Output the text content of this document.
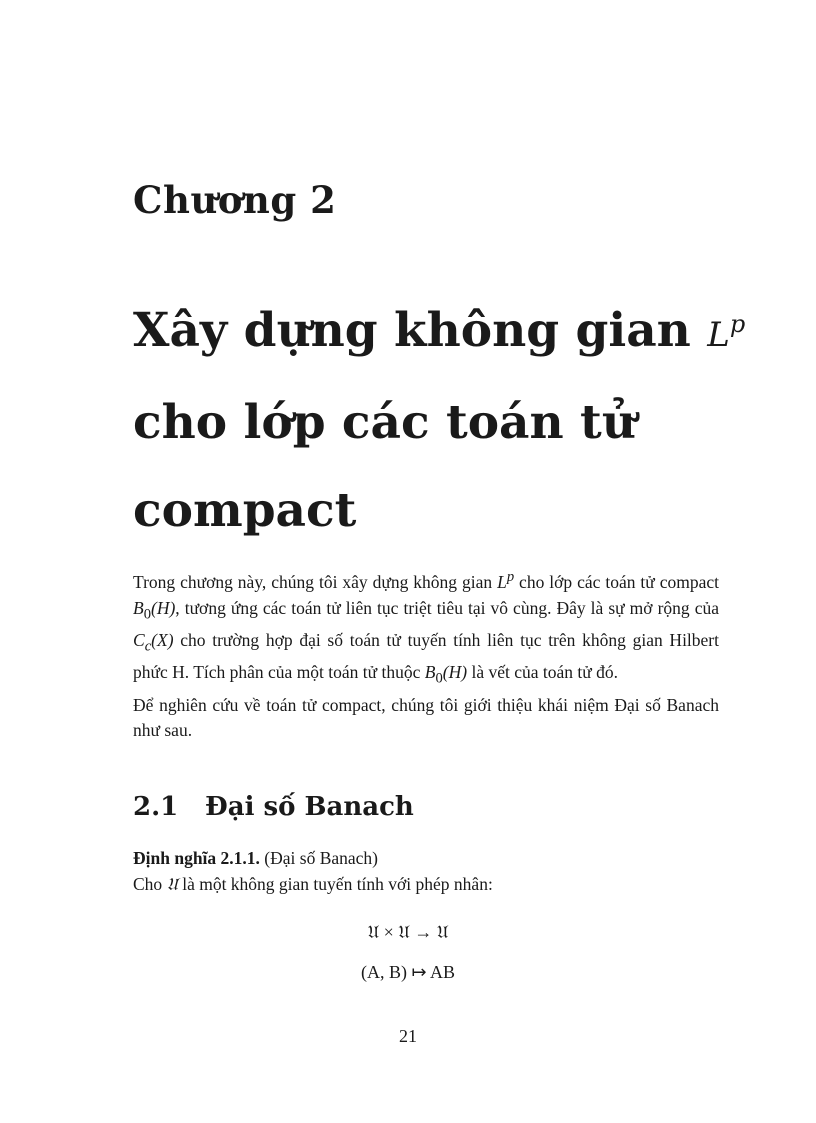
Chương 2
Xây dựng không gian $L^p$
cho lớp các toán tử
compact

Trong chương này, chúng tôi xây dựng không gian $L^p$ cho lớp các toán tử compact $B_0(H)$, tương ứng các toán tử liên tục triệt tiêu tại vô cùng. Đây là sự mở rộng của $C_c(X)$ cho trường hợp đại số toán tử tuyến tính liên tục trên không gian Hilbert phức H. Tích phân của một toán tử thuộc $B_0(H)$ là vết của toán tử đó.

Để nghiên cứu về toán tử compact, chúng tôi giới thiệu khái niệm Đại số Banach như sau.

2.1 Đại số Banach

Định nghĩa 2.1.1. (Đại số Banach)

Cho 𝔘 là một không gian tuyến tính với phép nhân:

𝔘 × 𝔘 → 𝔘
(A, B) ↦ AB
21
